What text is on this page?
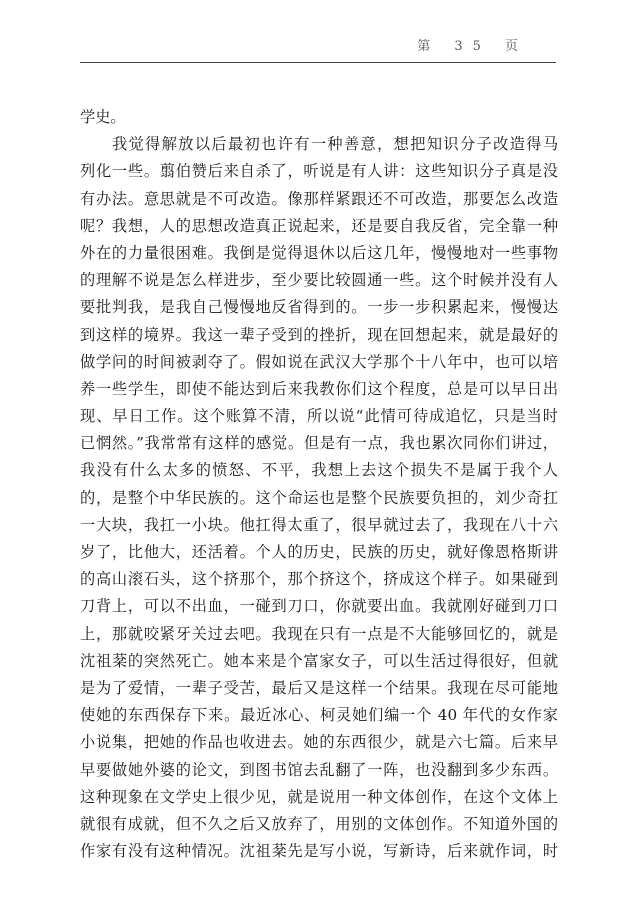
第 35 页
学史。
我觉得解放以后最初也许有一种善意，想把知识分子改造得马
列化一些。翦伯赞后来自杀了，听说是有人讲：这些知识分子真是没
有办法。意思就是不可改造。像那样紧跟还不可改造，那要怎么改造
呢？我想，人的思想改造真正说起来，还是要自我反省，完全靠一种
外在的力量很困难。我倒是觉得退休以后这几年，慢慢地对一些事物
的理解不说是怎么样进步，至少要比较圆通一些。这个时候并没有人
要批判我，是我自己慢慢地反省得到的。一步一步积累起来，慢慢达
到这样的境界。我这一辈子受到的挫折，现在回想起来，就是最好的
做学问的时间被剥夺了。假如说在武汉大学那个十八年中，也可以培
养一些学生，即使不能达到后来我教你们这个程度，总是可以早日出
现、早日工作。这个账算不清，所以说“此情可待成追忆，只是当时
已惘然。”我常常有这样的感觉。但是有一点，我也累次同你们讲过，
我没有什么太多的愤怒、不平，我想上去这个损失不是属于我个人
的，是整个中华民族的。这个命运也是整个民族要负担的，刘少奇扛
一大块，我扛一小块。他扛得太重了，很早就过去了，我现在八十六
岁了，比他大，还活着。个人的历史，民族的历史，就好像恩格斯讲
的高山滚石头，这个挤那个，那个挤这个，挤成这个样子。如果碰到
刀背上，可以不出血，一碰到刀口，你就要出血。我就刚好碰到刀口
上，那就咬紧牙关过去吧。我现在只有一点是不大能够回忆的，就是
沈祖棻的突然死亡。她本来是个富家女子，可以生活过得很好，但就
是为了爱情，一辈子受苦，最后又是这样一个结果。我现在尽可能地
使她的东西保存下来。最近冰心、柯灵她们编一个 40 年代的女作家
小说集，把她的作品也收进去。她的东西很少，就是六七篇。后来早
早要做她外婆的论文，到图书馆去乱翻了一阵，也没翻到多少东西。
这种现象在文学史上很少见，就是说用一种文体创作，在这个文体上
就很有成就，但不久之后又放弃了，用别的文体创作。不知道外国的
作家有没有这种情况。沈祖棻先是写小说，写新诗，后来就作词，时
